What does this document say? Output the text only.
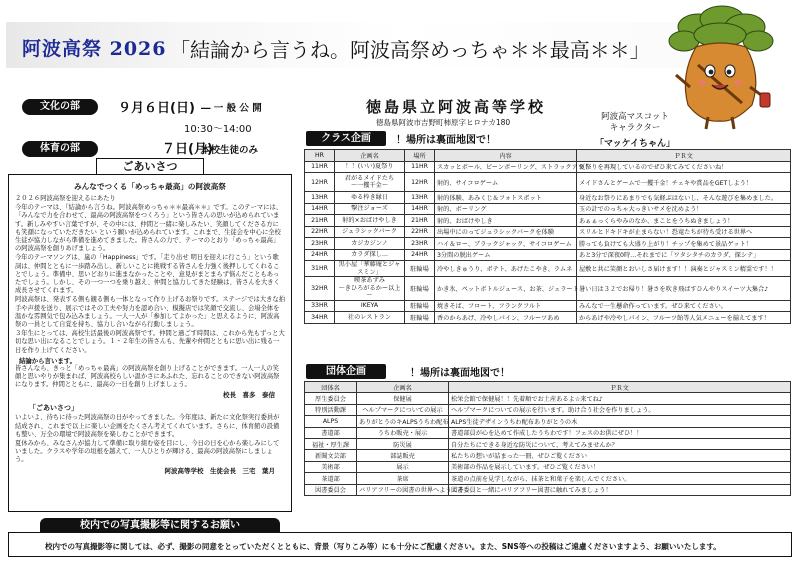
阿波高祭 2026 「結論から言うね。阿波高祭めっちゃ＊＊最高＊＊」
文化の部	９月６日(日) ― 一 般 公 開
10:30～14:00
体育の部	７日(月)
本校生徒のみ
徳島県立阿波高等学校
徳島県阿波市吉野町柿原字ヒロナカ180
阿波高マスコット
キャラクター
「マッケイちゃん」
ごあいさつ
みんなでつくる「めっちゃ最高」の阿波高祭

２０２６阿波高祭を迎えるにあたり

今年のテーマは、『結論から言うね。阿波高祭めっちゃ＊＊最高＊＊』です。このテーマには、「みんなで力を合わせて、最高の阿波高祭をつくろう」という皆さんの思いが込められています。新しみやすい言葉ですが、その中には、仲間と一緒に楽しみたい、笑顔してくださる方にも笑顔になっていただきたい という願いが込められています。これまで、生徒会を中心に全校生徒が協力しながら準備を進めてきました。皆さんの力で、テーマのとおり「めっちゃ最高」の阿波高祭を創りあげましょう。

今年のテーマソングは、嵐の「Happiness」です。「走り出せ 明日を迎えに行こう」という歌詞は、仲間とともに一歩踏み出し、新しいことに挑戦する皆さんを力強く後押ししてくれることでしょう。準備中、思いどおりに進まなかったことや、意見がまとまらず悩んだこともあったでしょう。しかし、その一つ一つを乗り越え、仲間と協力してきた経験は、皆さんを大きく成長させてくれます。

阿波高祭は、発表する側も観る側も一体となって作り上げるお祭りです。ステージでは大きな拍手や声援を送り、展示ではその工夫や努力を認め合い、模擬店では笑顔で交流し、会場全体を温かな雰囲気で包み込みましょう。一人一人が「参加してよかった」と思えるように、阿波高祭の一員として自覚を持ち、協力し合いながら行動しましょう。

３年生にとっては、高校生活最後の阿波高祭です。仲間と過ごす時間は、これから先もずっと大切な思い出になることでしょう。１・２年生の皆さんも、先輩や仲間とともに思い出に残る一日を作り上げてください。

結論から言います。

皆さんなら、きっと「めっちゃ最高」の阿波高祭を創り上げることができます。一人一人の笑顔と思いやりが集まれば、阿波高校らしい温かさにあふれた、忘れることのできない阿波高祭になります。仲間とともに、最高の一日を創り上げましょう。

校長　喜多　泰信

「ごあいさつ」

いよいよ、待ちに待った阿波高祭の日がやってきました。今年度は、新たに文化祭実行委員が結成され、これまで以上に楽しい企画をたくさん考えてくれています。さらに、体育館の設備も整い、万全の環境で阿波高祭を楽しむことができます。

夏休みから、みなさんが協力して準備に取り組む姿を目にし、今日の日を心から楽しみにしていました。クラスや学年の垣根を越えて、一人ひとりが輝ける、最高の阿波高祭にしましょう。

阿波高等学校　生徒会長　三宅　葉月

クラス企画	！場所は裏面地図で！
HR	企画名	場所	内容	ＰＲ文
11HR	！！(いい)夏祭り	11HR	スカッとボール、ビーンボーリング、ストラックアウト	夏祭りを再現しているのでぜひ来てみてくださいね！
12HR	君がるメイドたち
～一攫千金～	12HR	射的、サイコロゲーム	メイドさんとゲームで一攫千金！チェキや賞品をGETしよう！
13HR	ゆる枠き縁日	13HR	射的体験、あみくじ＆フォトスポット	身近なお祭りにあまりでも気軽ぶはないし、そんな遊びを集めました。
14HR	撃注ジョーズ	14HR	射的、ボーリング	玉の計でのっちゃ大っきいサメを沈めよう！
21HR	射的×おばけやしき	21HR	射的、おばけやしき	あぁぁっくらやみのなか、まことをうちぬきましょう！
22HR	ジュラシックパーク	22HR	出場中にのってジュラシックパークを体験	スリルとドキドキが止まらない！恐竜たちが待ち受ける世界へ
23HR	カジカジンノ	23HR	ハイ＆ロー、ブラックジャック、サイコロゲーム	勝っても負けても大盛り上がり！チップを集めて景品ゲット！
24HR	カラダ探し…	24HR	3分間の脱出ゲーム	あと3分で深夜0時…それまでに「ワタシタチのカラダ、探シテ」
31HR	黒小屋「華藤庵とジャスミン」	駐輪場	冷やしきゅうり、ポテト、あげたこやき、ラムネ	屋敷と共に笑顔とおいしさ届けます！！演奏とジャスミン精霊です！！
32HR	喫茶あずみ
～きひろがるかー以上～	駐輪場	かき氷、ペットボトルジュース、お茶、ジェラート	暑い日は３２でお帰り！暑さを吹き飛ばすひんやりスイーツ大集合♪
33HR	IKEYA	駐輪場	焼きそば、フロート、フランクフルト	みんなで一生懸命作っています。ぜひ来てください。
34HR	社のレストラン	駐輪場	香のからあげ、冷やしパイン、フルーツあめ	からあげや冷やしパイン、フルーツ飴等人気メニューを揃えてます！
団体企画	！場所は裏面地図で！
団体名	企画名	ＰＲ文
厚生委員会	保健展	松栄会館で保健展！！先着順でお土産あるよ☆来てね♪
特別活動課	ヘルプマークについての展示	ヘルプマークについての展示を行います。助け合う社会を作りましょう。
ALPS	ありがとうのキALPSうちわ配布	ALPS生徒デザインうちわ配布ありがとうの木
書道部	うちわ販売・展示	書道部員が心を込めて作成したうちわです！フェスのお供にぜひ！！
福祉・厚生課	防災展	自分たちにできる身近な防災について、考えてみませんか？
新聞文芸部	部誌販売	私たちの想いが詰まった一冊、ぜひご覧ください
美術部	展示	美術部の作品を展示しています。ぜひご覧ください！
茶道部	茶席	茶道の点前を見学しながら、抹茶と和菓子を楽しんでください。
図書委員会	バリアフリーの図書の世界へようこそ	図書委員と一緒にバリアフリー図書に触れてみましょう！
校内での写真撮影等に関するお願い
校内での写真撮影等に関しては、必ず、撮影の同意をとっていただくとともに、背景（写りこみ等）にも十分にご配慮ください。また、SNS等への投稿はご遠慮くださいますよう、お願いいたします。
